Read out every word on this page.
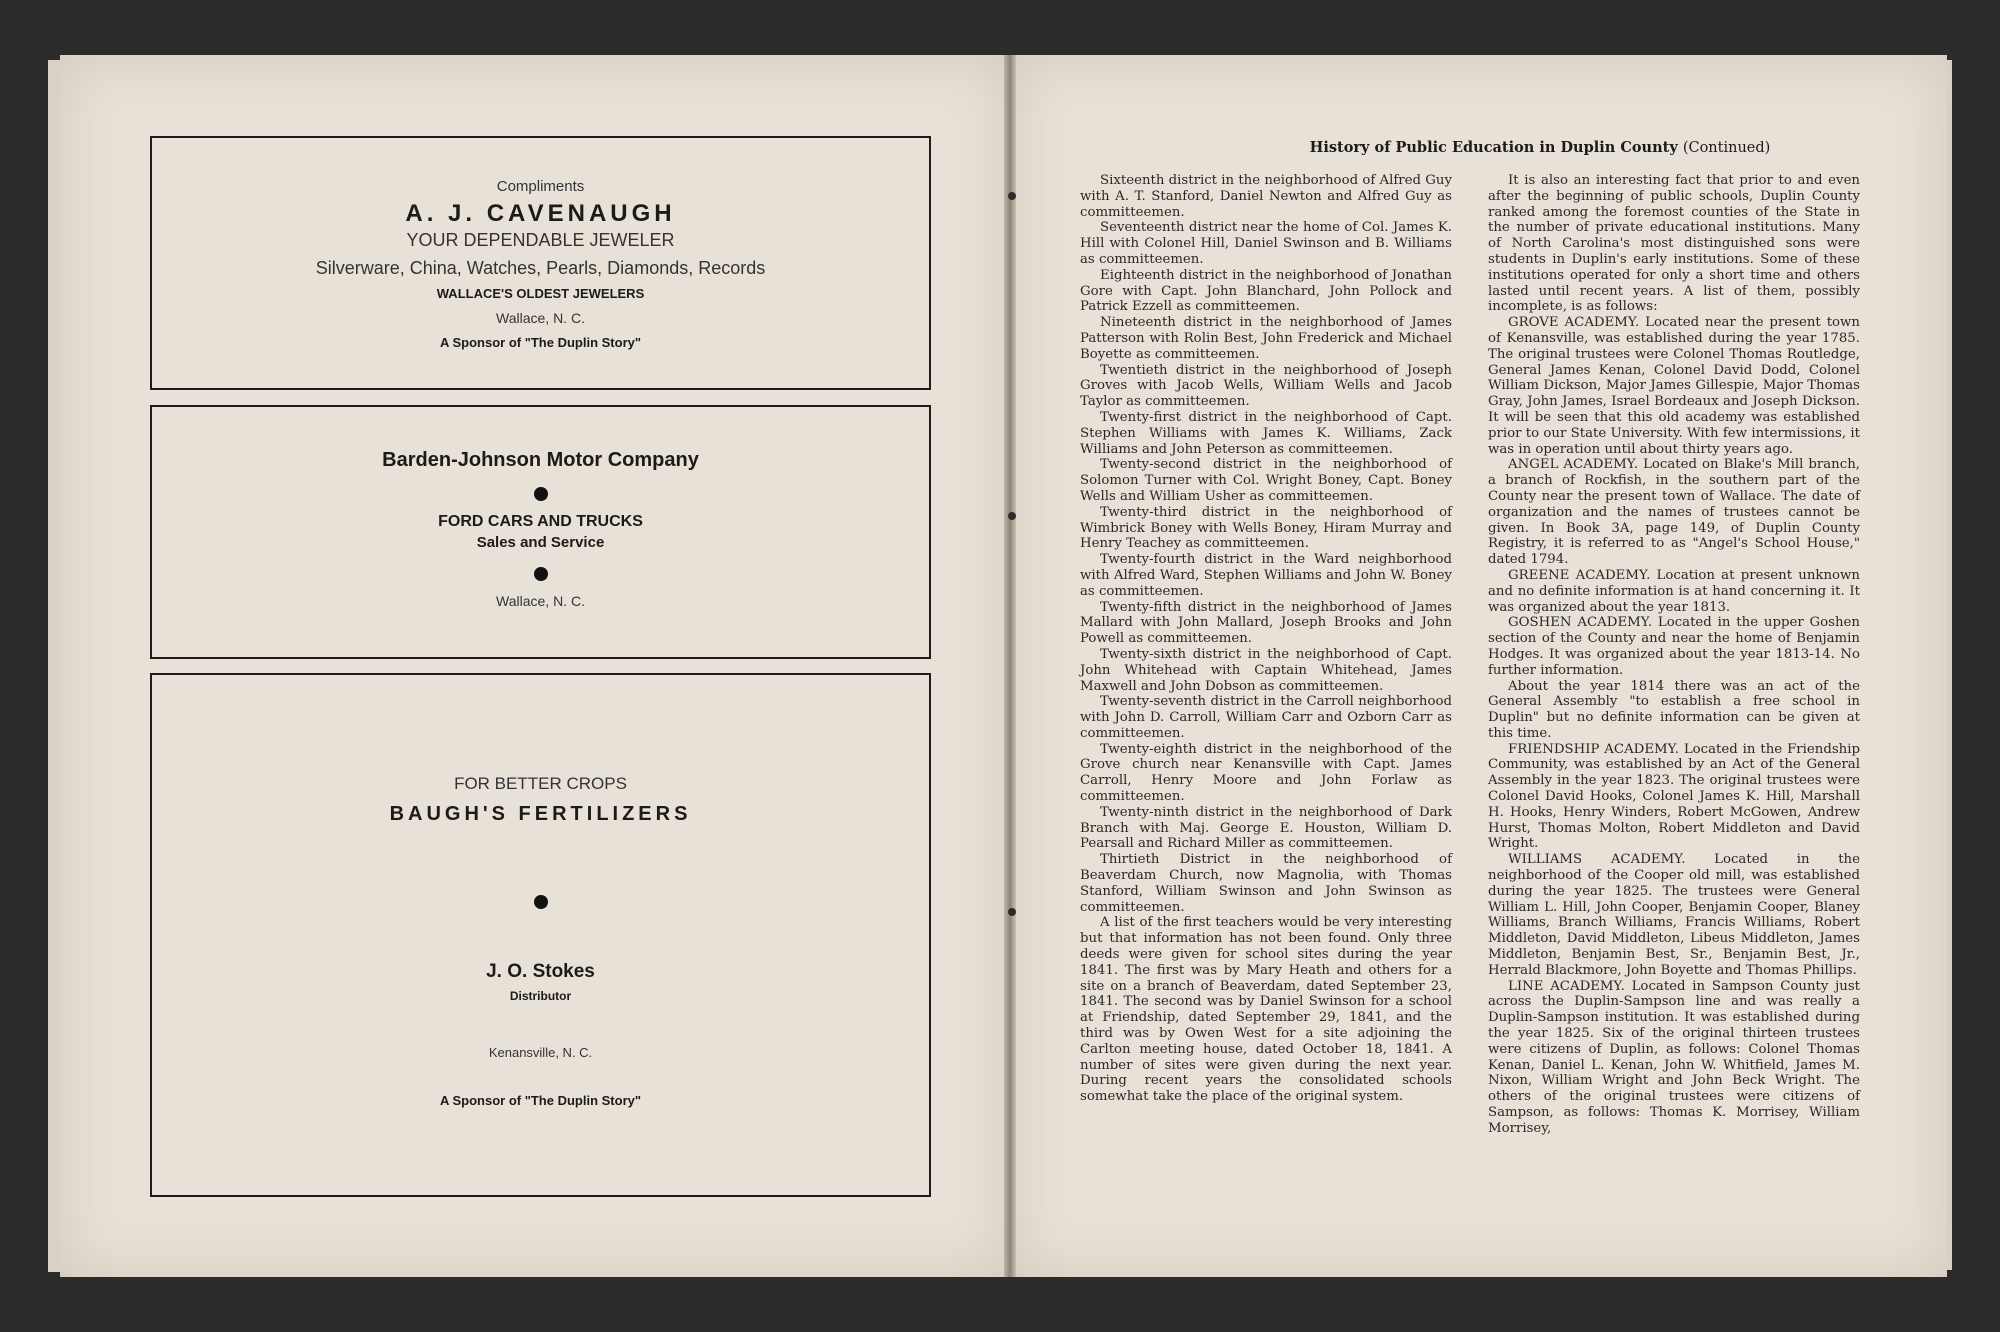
Compliments
A. J. CAVENAUGH
YOUR DEPENDABLE JEWELER
Silverware, China, Watches, Pearls, Diamonds, Records
WALLACE'S OLDEST JEWELERS
Wallace, N. C.
A Sponsor of "The Duplin Story"
Barden-Johnson Motor Company
FORD CARS AND TRUCKS
Sales and Service
Wallace, N. C.
FOR BETTER CROPS
BAUGH'S FERTILIZERS
J. O. Stokes
Distributor
Kenansville, N. C.
A Sponsor of "The Duplin Story"
History of Public Education in Duplin County (Continued)

Sixteenth district in the neighborhood of Alfred Guy with A. T. Stanford, Daniel Newton and Alfred Guy as committeemen.

Seventeenth district near the home of Col. James K. Hill with Colonel Hill, Daniel Swinson and B. Williams as committeemen.

Eighteenth district in the neighborhood of Jonathan Gore with Capt. John Blanchard, John Pollock and Patrick Ezzell as committeemen.

Nineteenth district in the neighborhood of James Patterson with Rolin Best, John Frederick and Michael Boyette as committeemen.

Twentieth district in the neighborhood of Joseph Groves with Jacob Wells, William Wells and Jacob Taylor as committeemen.

Twenty-first district in the neighborhood of Capt. Stephen Williams with James K. Williams, Zack Williams and John Peterson as committeemen.

Twenty-second district in the neighborhood of Solomon Turner with Col. Wright Boney, Capt. Boney Wells and William Usher as committeemen.

Twenty-third district in the neighborhood of Wimbrick Boney with Wells Boney, Hiram Murray and Henry Teachey as committeemen.

Twenty-fourth district in the Ward neighborhood with Alfred Ward, Stephen Williams and John W. Boney as committeemen.

Twenty-fifth district in the neighborhood of James Mallard with John Mallard, Joseph Brooks and John Powell as committeemen.

Twenty-sixth district in the neighborhood of Capt. John Whitehead with Captain Whitehead, James Maxwell and John Dobson as committeemen.

Twenty-seventh district in the Carroll neighborhood with John D. Carroll, William Carr and Ozborn Carr as committeemen.

Twenty-eighth district in the neighborhood of the Grove church near Kenansville with Capt. James Carroll, Henry Moore and John Forlaw as committeemen.

Twenty-ninth district in the neighborhood of Dark Branch with Maj. George E. Houston, William D. Pearsall and Richard Miller as committeemen.

Thirtieth District in the neighborhood of Beaverdam Church, now Magnolia, with Thomas Stanford, William Swinson and John Swinson as committeemen.

A list of the first teachers would be very interesting but that information has not been found. Only three deeds were given for school sites during the year 1841. The first was by Mary Heath and others for a site on a branch of Beaverdam, dated September 23, 1841. The second was by Daniel Swinson for a school at Friendship, dated September 29, 1841, and the third was by Owen West for a site adjoining the Carlton meeting house, dated October 18, 1841. A number of sites were given during the next year. During recent years the consolidated schools somewhat take the place of the original system.

It is also an interesting fact that prior to and even after the beginning of public schools, Duplin County ranked among the foremost counties of the State in the number of private educational institutions. Many of North Carolina's most distinguished sons were students in Duplin's early institutions. Some of these institutions operated for only a short time and others lasted until recent years. A list of them, possibly incomplete, is as follows:

GROVE ACADEMY. Located near the present town of Kenansville, was established during the year 1785. The original trustees were Colonel Thomas Routledge, General James Kenan, Colonel David Dodd, Colonel William Dickson, Major James Gillespie, Major Thomas Gray, John James, Israel Bordeaux and Joseph Dickson. It will be seen that this old academy was established prior to our State University. With few intermissions, it was in operation until about thirty years ago.

ANGEL ACADEMY. Located on Blake's Mill branch, a branch of Rockfish, in the southern part of the County near the present town of Wallace. The date of organization and the names of trustees cannot be given. In Book 3A, page 149, of Duplin County Registry, it is referred to as "Angel's School House," dated 1794.

GREENE ACADEMY. Location at present unknown and no definite information is at hand concerning it. It was organized about the year 1813.

GOSHEN ACADEMY. Located in the upper Goshen section of the County and near the home of Benjamin Hodges. It was organized about the year 1813-14. No further information.

About the year 1814 there was an act of the General Assembly "to establish a free school in Duplin" but no definite information can be given at this time.

FRIENDSHIP ACADEMY. Located in the Friendship Community, was established by an Act of the General Assembly in the year 1823. The original trustees were Colonel David Hooks, Colonel James K. Hill, Marshall H. Hooks, Henry Winders, Robert McGowen, Andrew Hurst, Thomas Molton, Robert Middleton and David Wright.

WILLIAMS ACADEMY. Located in the neighborhood of the Cooper old mill, was established during the year 1825. The trustees were General William L. Hill, John Cooper, Benjamin Cooper, Blaney Williams, Branch Williams, Francis Williams, Robert Middleton, David Middleton, Libeus Middleton, James Middleton, Benjamin Best, Sr., Benjamin Best, Jr., Herrald Blackmore, John Boyette and Thomas Phillips.

LINE ACADEMY. Located in Sampson County just across the Duplin-Sampson line and was really a Duplin-Sampson institution. It was established during the year 1825. Six of the original thirteen trustees were citizens of Duplin, as follows: Colonel Thomas Kenan, Daniel L. Kenan, John W. Whitfield, James M. Nixon, William Wright and John Beck Wright. The others of the original trustees were citizens of Sampson, as follows: Thomas K. Morrisey, William Morrisey,
